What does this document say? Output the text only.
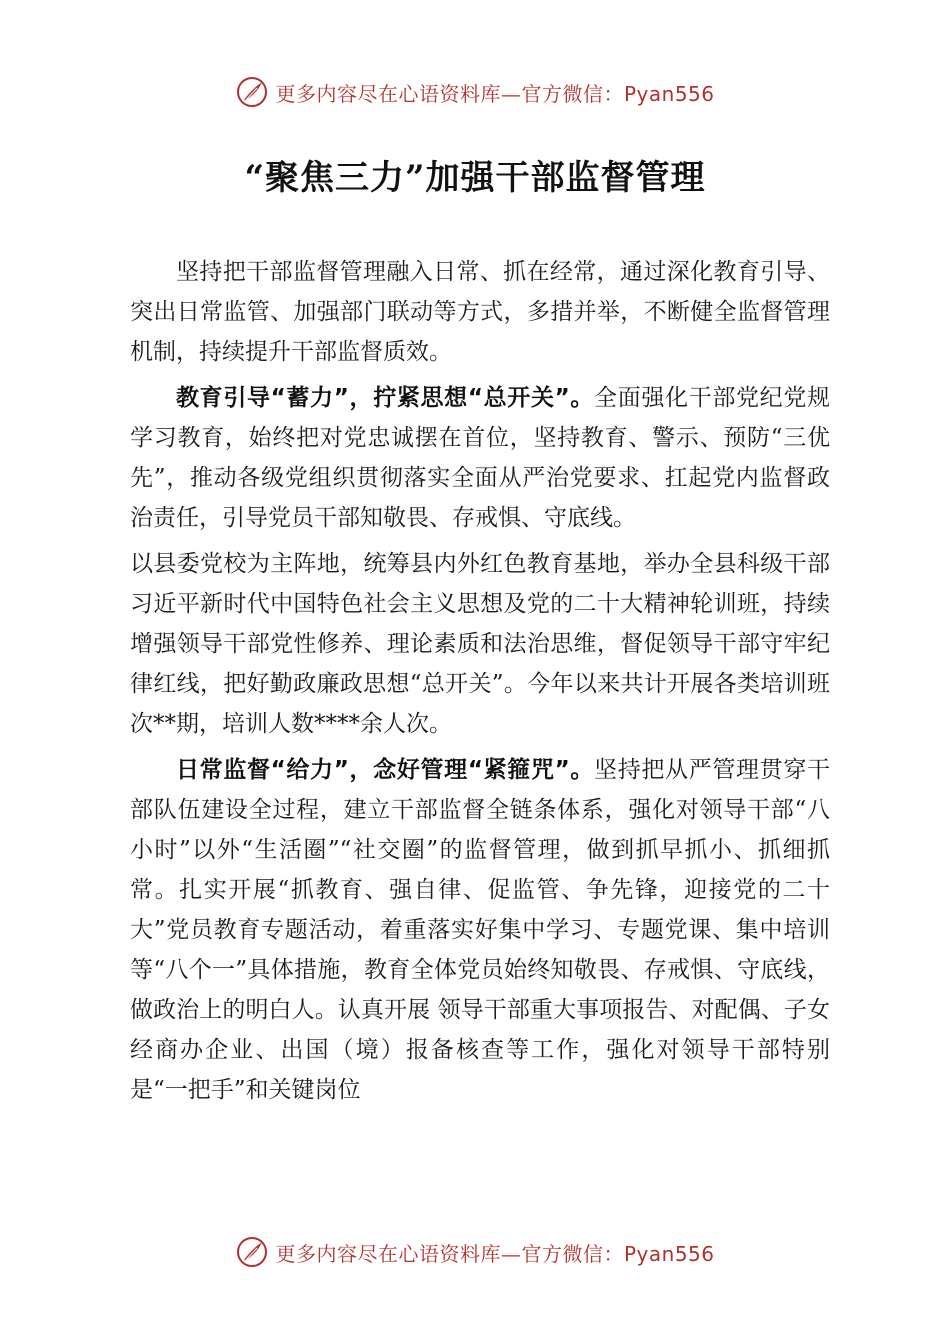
更多内容尽在心语资料库—官方微信：Pyan556
“聚焦三力”加强干部监督管理

坚持把干部监督管理融入日常、抓在经常，通过深化教育引导、突出日常监管、加强部门联动等方式，多措并举，不断健全监督管理机制，持续提升干部监督质效。

教育引导“蓄力”，拧紧思想“总开关”。全面强化干部党纪党规学习教育，始终把对党忠诚摆在首位，坚持教育、警示、预防“三优先”，推动各级党组织贯彻落实全面从严治党要求、扛起党内监督政治责任，引导党员干部知敬畏、存戒惧、守底线。

以县委党校为主阵地，统筹县内外红色教育基地，举办全县科级干部习近平新时代中国特色社会主义思想及党的二十大精神轮训班，持续增强领导干部党性修养、理论素质和法治思维，督促领导干部守牢纪律红线，把好勤政廉政思想“总开关”。今年以来共计开展各类培训班次**期，培训人数****余人次。

日常监督“给力”，念好管理“紧箍咒”。坚持把从严管理贯穿干部队伍建设全过程，建立干部监督全链条体系，强化对领导干部“八小时”以外“生活圈”“社交圈”的监督管理，做到抓早抓小、抓细抓常。扎实开展“抓教育、强自律、促监管、争先锋，迎接党的二十大”党员教育专题活动，着重落实好集中学习、专题党课、集中培训等“八个一”具体措施，教育全体党员始终知敬畏、存戒惧、守底线，做政治上的明白人。认真开展 领导干部重大事项报告、对配偶、子女经商办企业、出国（境）报备核查等工作，强化对领导干部特别是“一把手”和关键岗位

更多内容尽在心语资料库—官方微信：Pyan556
